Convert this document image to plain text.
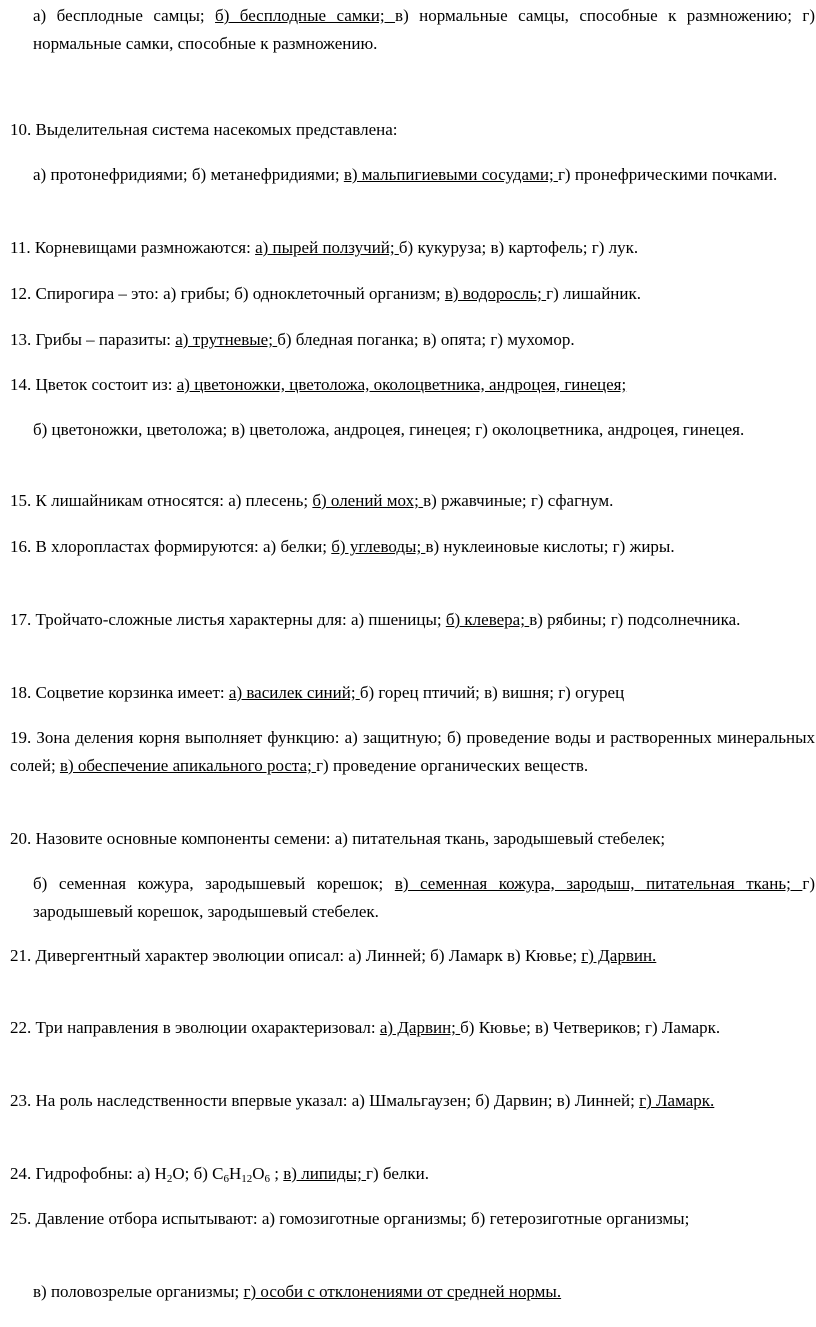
а) бесплодные самцы; б) бесплодные самки; в) нормальные самцы, способные к размножению; г) нормальные самки, способные к размножению.

10. Выделительная система насекомых представлена:

а) протонефридиями; б) метанефридиями; в) мальпигиевыми сосудами; г) пронефрическими почками.

11. Корневищами размножаются: а) пырей ползучий; б) кукуруза; в) картофель; г) лук.

12. Спирогира – это: а) грибы; б) одноклеточный организм; в) водоросль; г) лишайник.

13. Грибы – паразиты: а) трутневые; б) бледная поганка; в) опята; г) мухомор.

14. Цветок состоит из: а) цветоножки, цветоложа, околоцветника, андроцея, гинецея;

б) цветоножки, цветоложа; в) цветоложа, андроцея, гинецея; г) околоцветника, андроцея, гинецея.

15. К лишайникам относятся: а) плесень; б) олений мох; в) ржавчиные; г) сфагнум.

16. В хлоропластах формируются: а) белки; б) углеводы; в) нуклеиновые кислоты; г) жиры.

17. Тройчато-сложные листья характерны для: а) пшеницы; б) клевера; в) рябины; г) подсолнечника.

18. Соцветие корзинка имеет: а) василек синий; б) горец птичий; в) вишня; г) огурец

19. Зона деления корня выполняет функцию: а) защитную; б) проведение воды и растворенных минеральных солей; в) обеспечение апикального роста; г) проведение органических веществ.

20. Назовите основные компоненты семени: а) питательная ткань, зародышевый стебелек;

б) семенная кожура, зародышевый корешок; в) семенная кожура, зародыш, питательная ткань; г) зародышевый корешок, зародышевый стебелек.

21. Дивергентный характер эволюции описал: а) Линней; б) Ламарк в) Кювье; г) Дарвин.

22. Три направления в эволюции охарактеризовал: а) Дарвин; б) Кювье; в) Четвериков; г) Ламарк.

23. На роль наследственности впервые указал: а) Шмальгаузен; б) Дарвин; в) Линней; г) Ламарк.

24. Гидрофобны: а) $H_2O$; б) $C_6H_{12}O_6$ ; в) липиды; г) белки.

25. Давление отбора испытывают: а) гомозиготные организмы; б) гетерозиготные организмы;

в) половозрелые организмы; г) особи с отклонениями от средней нормы.
